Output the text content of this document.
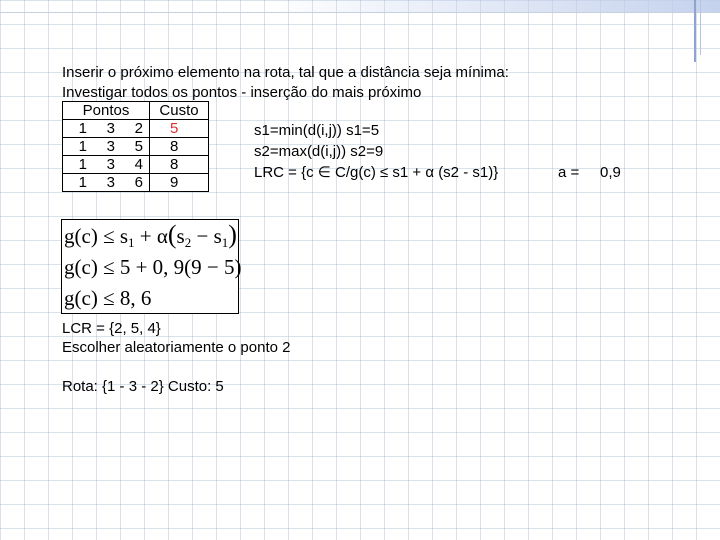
Inserir o próximo elemento na rota, tal que a distância seja mínima:
Investigar todos os pontos - inserção do mais próximo
Pontos			Custo
1	3	2	5
1	3	5	8
1	3	4	8
1	3	6	9
s1=min(d(i,j)) s1=5
s2=max(d(i,j)) s2=9
LRC = {c ∈ C/g(c) ≤ s1 + α (s2 - s1)}	a = 0,9
$g(c) \le s_1 + \alpha(s_2 - s_1)$
g(c) ≤ 5 + 0, 9(9 − 5)
g(c) ≤ 8, 6
LCR = {2, 5, 4}
Escolher aleatoriamente o ponto 2
Rota: {1 - 3 - 2} Custo: 5
